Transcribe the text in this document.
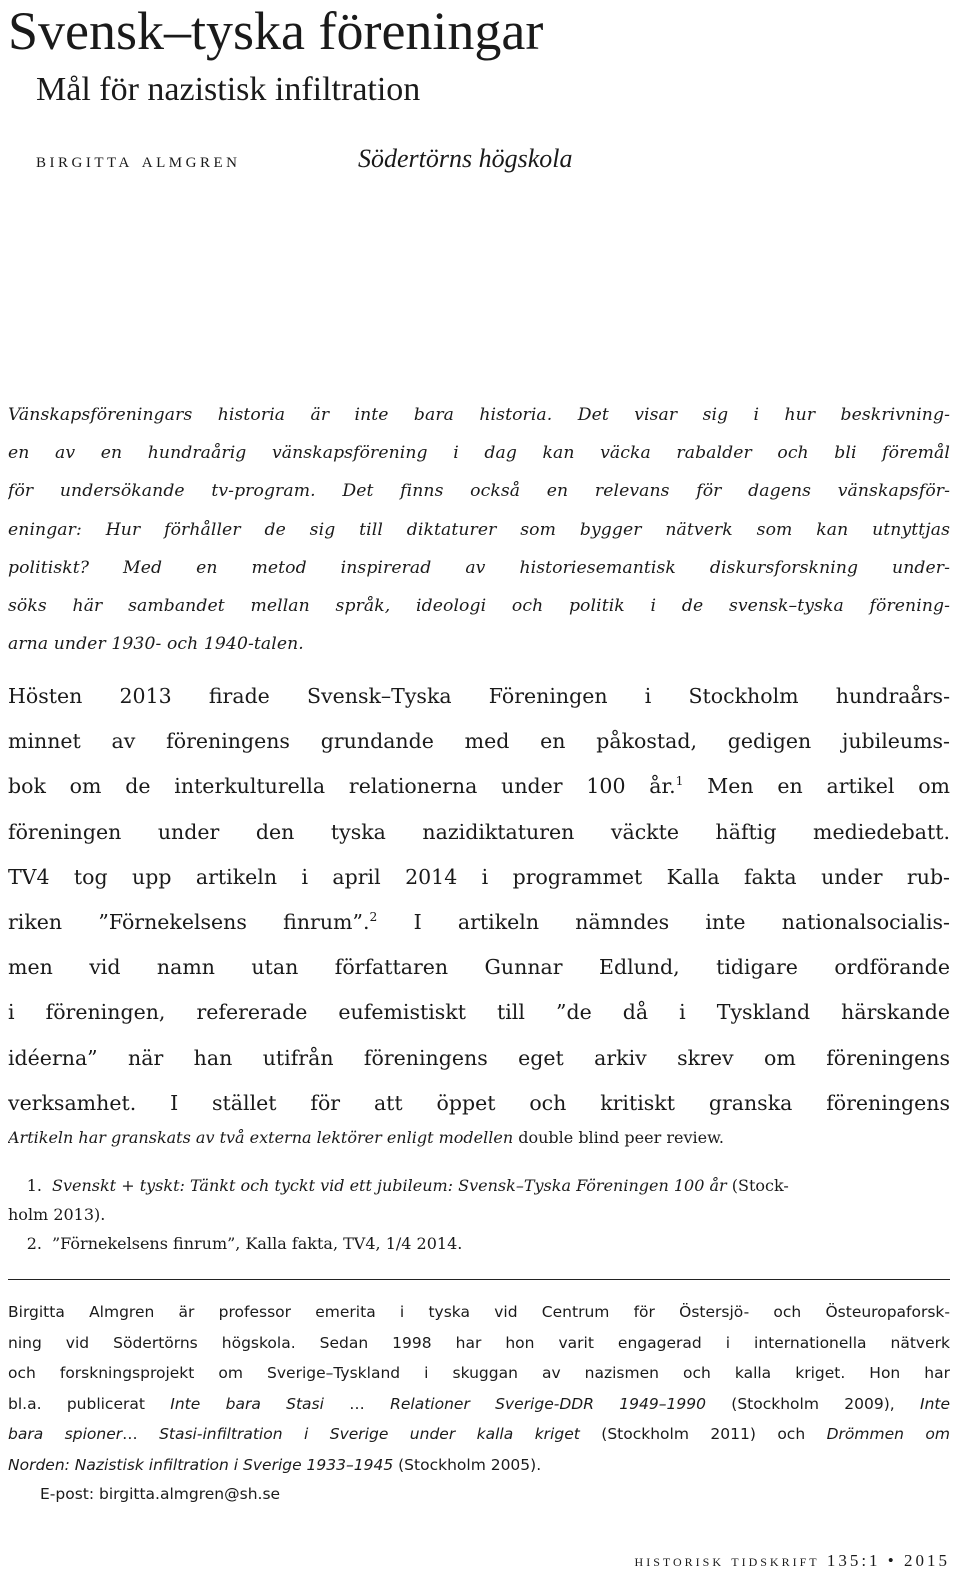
Svensk–tyska föreningar
Mål för nazistisk infiltration
birgitta almgren	Södertörns högskola
Vänskapsföreningars historia är inte bara historia. Det visar sig i hur beskrivning-
en av en hundraårig vänskapsförening i dag kan väcka rabalder och bli föremål
för undersökande tv-program. Det finns också en relevans för dagens vänskapsför-
eningar: Hur förhåller de sig till diktaturer som bygger nätverk som kan utnyttjas
politiskt? Med en metod inspirerad av historiesemantisk diskursforskning under-
söks här sambandet mellan språk, ideologi och politik i de svensk–tyska förening-
arna under 1930- och 1940-talen.
Hösten 2013 firade Svensk–Tyska Föreningen i Stockholm hundraårs-
minnet av föreningens grundande med en påkostad, gedigen jubileums-
bok om de interkulturella relationerna under 100 år.$^1$ Men en artikel om
föreningen under den tyska nazidiktaturen väckte häftig mediedebatt.
TV4 tog upp artikeln i april 2014 i programmet Kalla fakta under rub-
riken ”Förnekelsens finrum”.$^2$ I artikeln nämndes inte nationalsocialis-
men vid namn utan författaren Gunnar Edlund, tidigare ordförande
i föreningen, refererade eufemistiskt till ”de då i Tyskland härskande
idéerna” när han utifrån föreningens eget arkiv skrev om föreningens
verksamhet. I stället för att öppet och kritiskt granska föreningens
Artikeln har granskats av två externa lektörer enligt modellen double blind peer review.
1. Svenskt + tyskt: Tänkt och tyckt vid ett jubileum: Svensk–Tyska Föreningen 100 år (Stock-
holm 2013).
2. ”Förnekelsens finrum”, Kalla fakta, TV4, 1/4 2014.
Birgitta Almgren är professor emerita i tyska vid Centrum för Östersjö- och Östeuropaforsk-
ning vid Södertörns högskola. Sedan 1998 har hon varit engagerad i internationella nätverk
och forskningsprojekt om Sverige–Tyskland i skuggan av nazismen och kalla kriget. Hon har
bl.a. publicerat Inte bara Stasi … Relationer Sverige-DDR 1949–1990 (Stockholm 2009), Inte
bara spioner… Stasi-infiltration i Sverige under kalla kriget (Stockholm 2011) och Drömmen om
Norden: Nazistisk infiltration i Sverige 1933–1945 (Stockholm 2005).
E-post: birgitta.almgren@sh.se
historisk tidskrift 135:1 • 2015
